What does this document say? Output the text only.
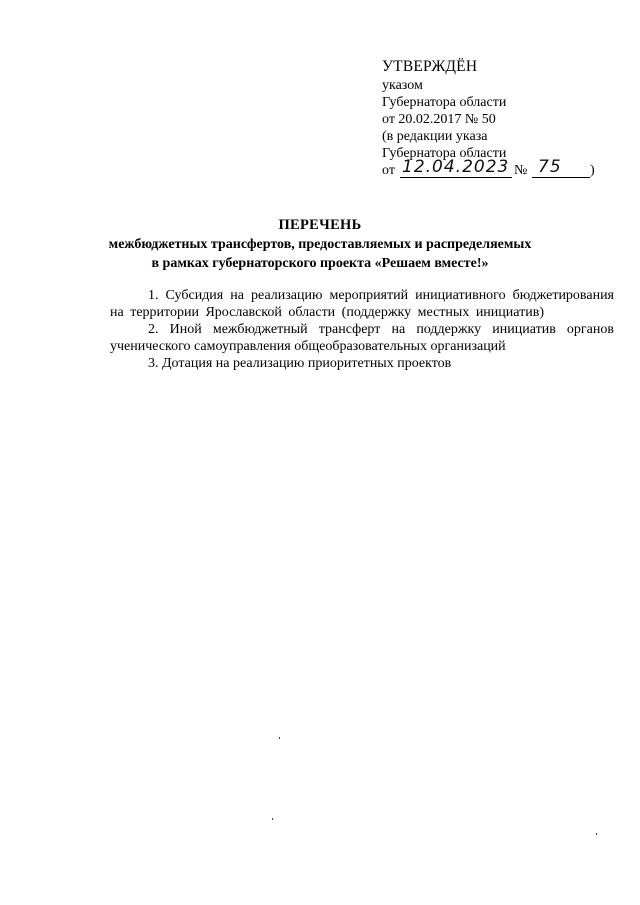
УТВЕРЖДЁН
указом
Губернатора области
от 20.02.2017 № 50
(в редакции указа
Губернатора области
от 12.04.2023 № 75 )
ПЕРЕЧЕНЬ
межбюджетных трансфертов, предоставляемых и распределяемых
в рамках губернаторского проекта «Решаем вместе!»

1. Субсидия на реализацию мероприятий инициативного бюджетирования на территории Ярославской области (поддержку местных инициатив)

2. Иной межбюджетный трансферт на поддержку инициатив органов ученического самоуправления общеобразовательных организаций

3. Дотация на реализацию приоритетных проектов
